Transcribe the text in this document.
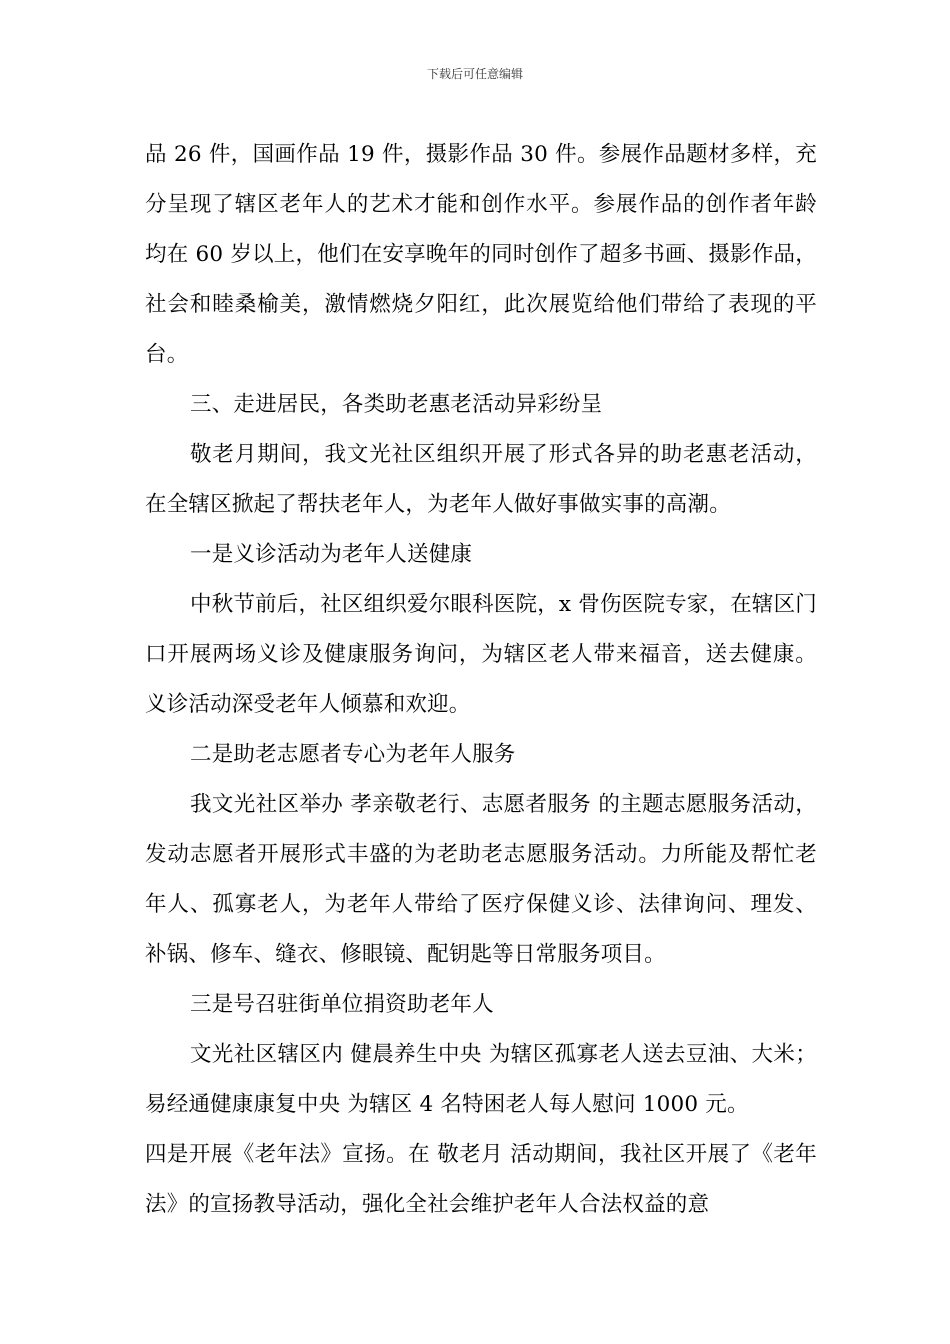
下载后可任意编辑

品 26 件，国画作品 19 件，摄影作品 30 件。参展作品题材多样，充分呈现了辖区老年人的艺术才能和创作水平。参展作品的创作者年龄均在 60 岁以上，他们在安享晚年的同时创作了超多书画、摄影作品，社会和睦桑榆美，激情燃烧夕阳红，此次展览给他们带给了表现的平台。

三、走进居民，各类助老惠老活动异彩纷呈

敬老月期间，我文光社区组织开展了形式各异的助老惠老活动，在全辖区掀起了帮扶老年人，为老年人做好事做实事的高潮。

一是义诊活动为老年人送健康

中秋节前后，社区组织爱尔眼科医院，x 骨伤医院专家，在辖区门口开展两场义诊及健康服务询问，为辖区老人带来福音，送去健康。义诊活动深受老年人倾慕和欢迎。

二是助老志愿者专心为老年人服务

我文光社区举办 孝亲敬老行、志愿者服务 的主题志愿服务活动，发动志愿者开展形式丰盛的为老助老志愿服务活动。力所能及帮忙老年人、孤寡老人，为老年人带给了医疗保健义诊、法律询问、理发、补锅、修车、缝衣、修眼镜、配钥匙等日常服务项目。

三是号召驻街单位捐资助老年人

文光社区辖区内 健晨养生中央 为辖区孤寡老人送去豆油、大米； 易经通健康康复中央 为辖区 4 名特困老人每人慰问 1000 元。

四是开展《老年法》宣扬。在 敬老月 活动期间，我社区开展了《老年法》的宣扬教导活动，强化全社会维护老年人合法权益的意
